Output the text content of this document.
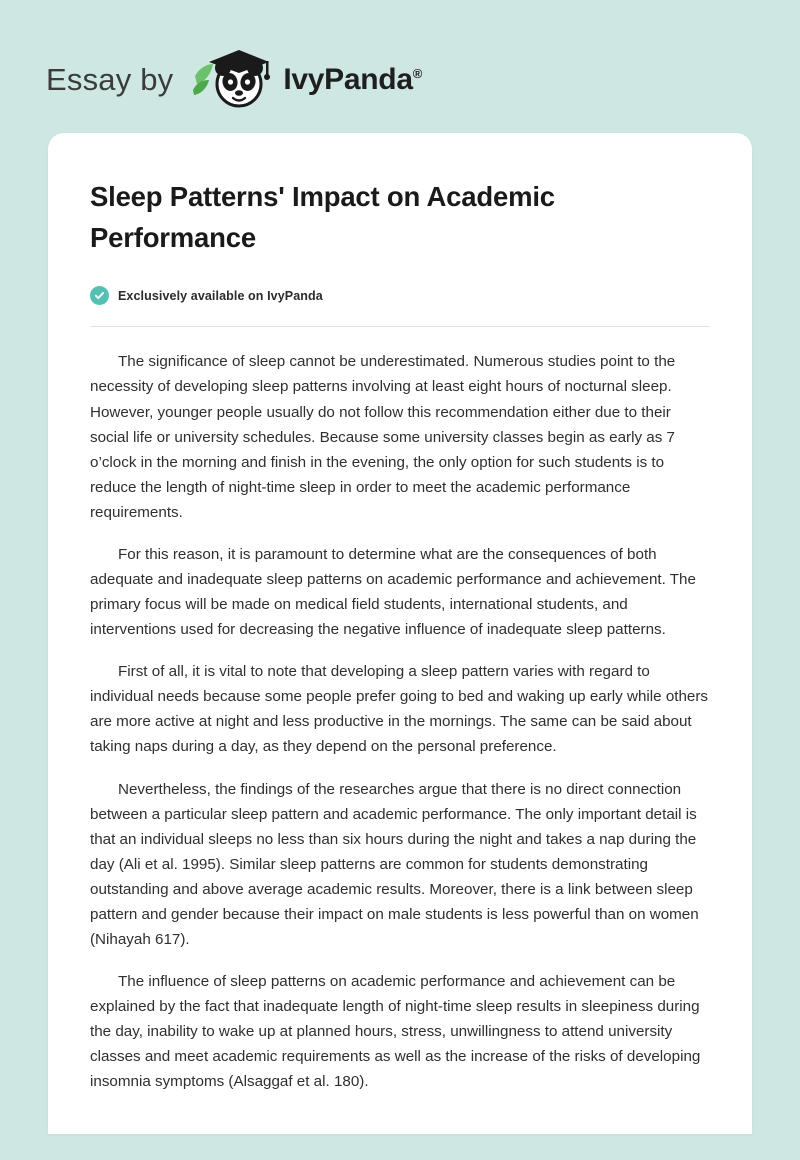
Essay by	IvyPanda®
Sleep Patterns' Impact on Academic Performance
Exclusively available on IvyPanda

The significance of sleep cannot be underestimated. Numerous studies point to the necessity of developing sleep patterns involving at least eight hours of nocturnal sleep. However, younger people usually do not follow this recommendation either due to their social life or university schedules. Because some university classes begin as early as 7 o’clock in the morning and finish in the evening, the only option for such students is to reduce the length of night-time sleep in order to meet the academic performance requirements.

For this reason, it is paramount to determine what are the consequences of both adequate and inadequate sleep patterns on academic performance and achievement. The primary focus will be made on medical field students, international students, and interventions used for decreasing the negative influence of inadequate sleep patterns.

First of all, it is vital to note that developing a sleep pattern varies with regard to individual needs because some people prefer going to bed and waking up early while others are more active at night and less productive in the mornings. The same can be said about taking naps during a day, as they depend on the personal preference.

Nevertheless, the findings of the researches argue that there is no direct connection between a particular sleep pattern and academic performance. The only important detail is that an individual sleeps no less than six hours during the night and takes a nap during the day (Ali et al. 1995). Similar sleep patterns are common for students demonstrating outstanding and above average academic results. Moreover, there is a link between sleep pattern and gender because their impact on male students is less powerful than on women (Nihayah 617).

The influence of sleep patterns on academic performance and achievement can be explained by the fact that inadequate length of night-time sleep results in sleepiness during the day, inability to wake up at planned hours, stress, unwillingness to attend university classes and meet academic requirements as well as the increase of the risks of developing insomnia symptoms (Alsaggaf et al. 180).
